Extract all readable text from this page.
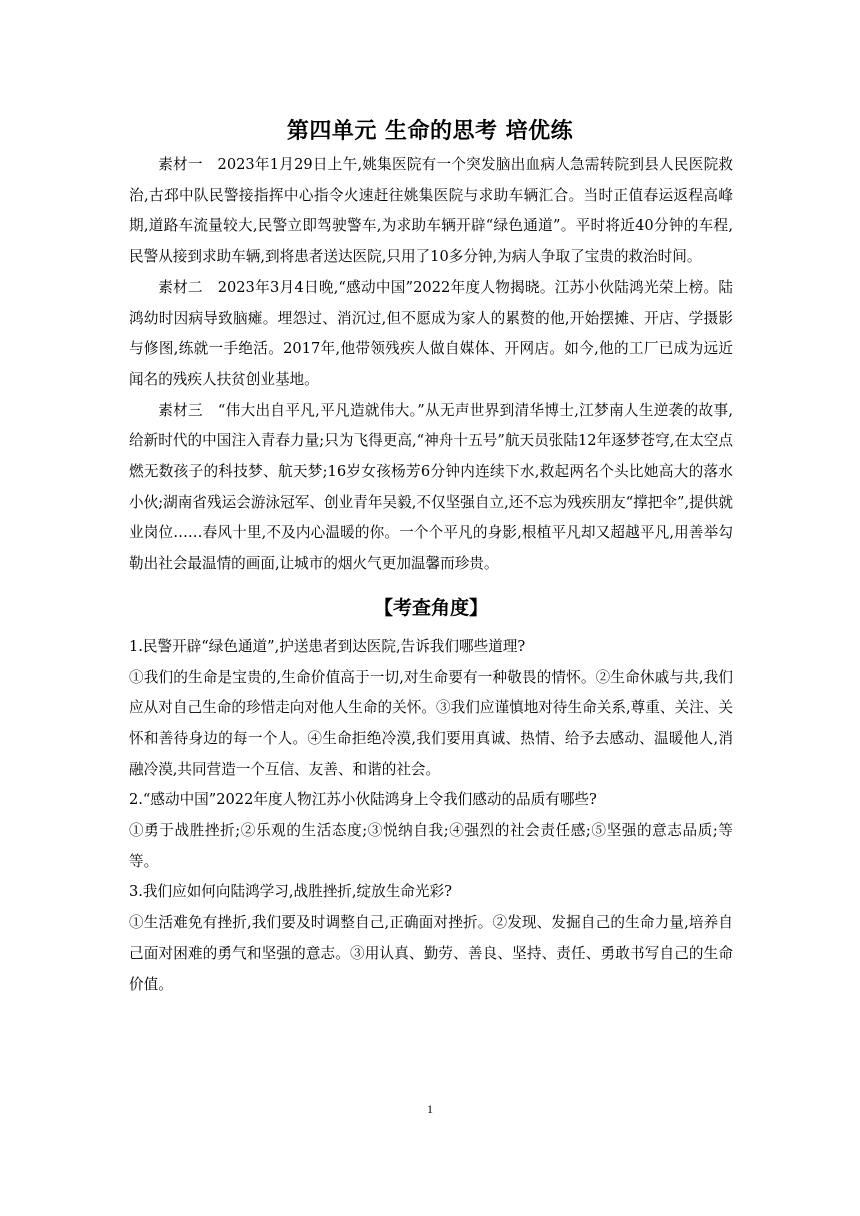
第四单元 生命的思考 培优练

素材一　2023年1月29日上午,姚集医院有一个突发脑出血病人急需转院到县人民医院救治,古邳中队民警接指挥中心指令火速赶往姚集医院与求助车辆汇合。当时正值春运返程高峰期,道路车流量较大,民警立即驾驶警车,为求助车辆开辟“绿色通道”。平时将近40分钟的车程,民警从接到求助车辆,到将患者送达医院,只用了10多分钟,为病人争取了宝贵的救治时间。

素材二　2023年3月4日晚,“感动中国”2022年度人物揭晓。江苏小伙陆鸿光荣上榜。陆鸿幼时因病导致脑瘫。埋怨过、消沉过,但不愿成为家人的累赘的他,开始摆摊、开店、学摄影与修图,练就一手绝活。2017年,他带领残疾人做自媒体、开网店。如今,他的工厂已成为远近闻名的残疾人扶贫创业基地。

素材三　“伟大出自平凡,平凡造就伟大。”从无声世界到清华博士,江梦南人生逆袭的故事,给新时代的中国注入青春力量;只为飞得更高,“神舟十五号”航天员张陆12年逐梦苍穹,在太空点燃无数孩子的科技梦、航天梦;16岁女孩杨芳6分钟内连续下水,救起两名个头比她高大的落水小伙;湖南省残运会游泳冠军、创业青年吴毅,不仅坚强自立,还不忘为残疾朋友“撑把伞”,提供就业岗位……春风十里,不及内心温暖的你。一个个平凡的身影,根植平凡却又超越平凡,用善举勾勒出社会最温情的画面,让城市的烟火气更加温馨而珍贵。

【考查角度】

1.民警开辟“绿色通道”,护送患者到达医院,告诉我们哪些道理?

①我们的生命是宝贵的,生命价值高于一切,对生命要有一种敬畏的情怀。②生命休戚与共,我们应从对自己生命的珍惜走向对他人生命的关怀。③我们应谨慎地对待生命关系,尊重、关注、关怀和善待身边的每一个人。④生命拒绝冷漠,我们要用真诚、热情、给予去感动、温暖他人,消融冷漠,共同营造一个互信、友善、和谐的社会。

2.“感动中国”2022年度人物江苏小伙陆鸿身上令我们感动的品质有哪些?

①勇于战胜挫折;②乐观的生活态度;③悦纳自我;④强烈的社会责任感;⑤坚强的意志品质;等等。

3.我们应如何向陆鸿学习,战胜挫折,绽放生命光彩?

①生活难免有挫折,我们要及时调整自己,正确面对挫折。②发现、发掘自己的生命力量,培养自己面对困难的勇气和坚强的意志。③用认真、勤劳、善良、坚持、责任、勇敢书写自己的生命价值。

1
